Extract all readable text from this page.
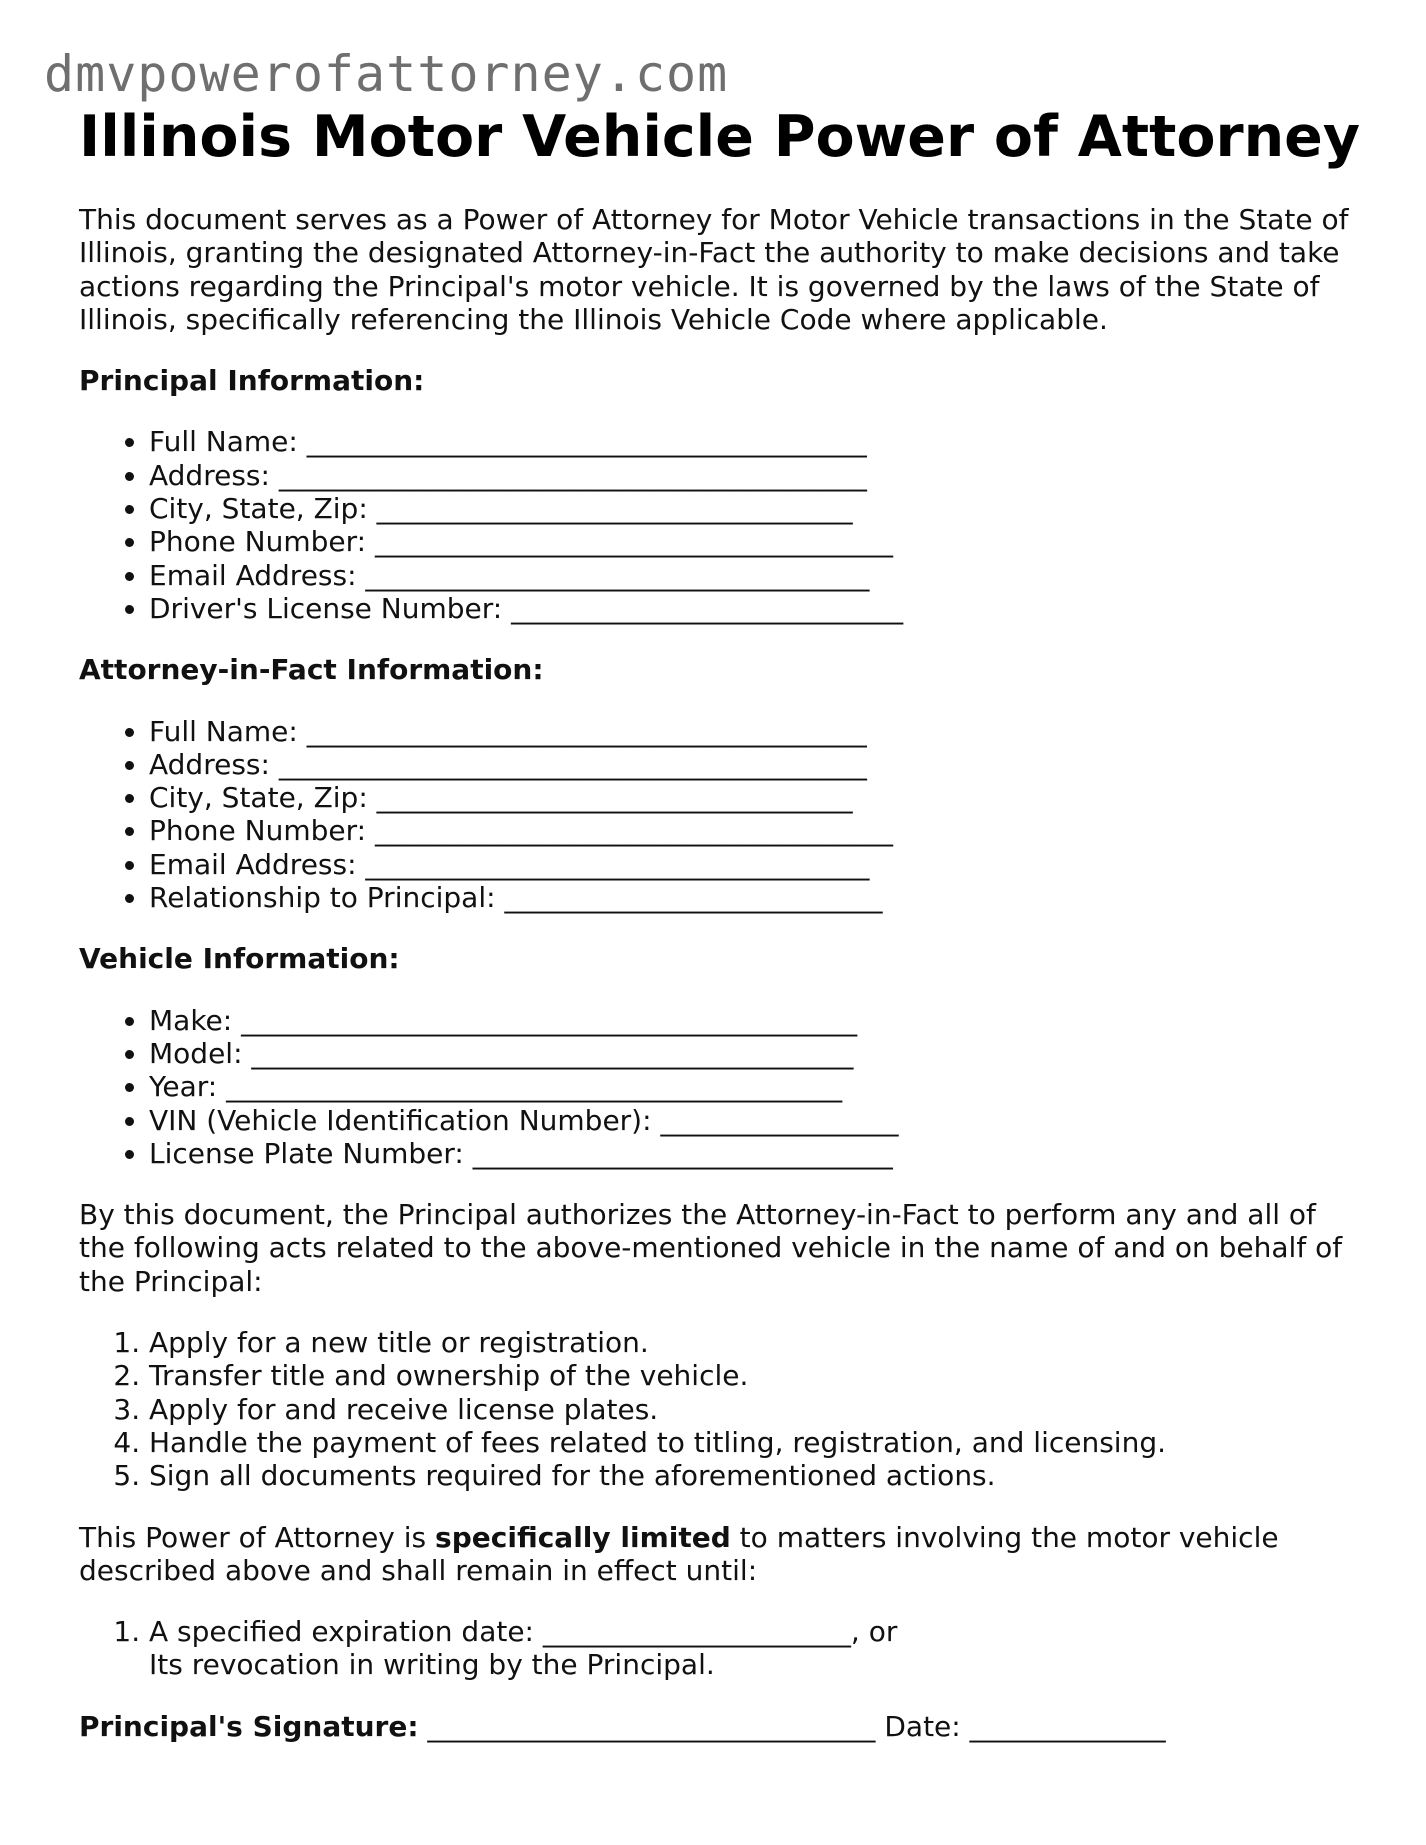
dmvpowerofattorney.com
Illinois Motor Vehicle Power of Attorney

This document serves as a Power of Attorney for Motor Vehicle transactions in the State of Illinois, granting the designated Attorney-in-Fact the authority to make decisions and take actions regarding the Principal's motor vehicle. It is governed by the laws of the State of Illinois, specifically referencing the Illinois Vehicle Code where applicable.

Principal Information:
• Full Name: ________________________________________
• Address: __________________________________________
• City, State, Zip: __________________________________
• Phone Number: _____________________________________
• Email Address: ____________________________________
• Driver's License Number: ____________________________
Attorney-in-Fact Information:
• Full Name: ________________________________________
• Address: __________________________________________
• City, State, Zip: __________________________________
• Phone Number: _____________________________________
• Email Address: ____________________________________
• Relationship to Principal: ___________________________
Vehicle Information:
• Make: ____________________________________________
• Model: ___________________________________________
• Year: ____________________________________________
• VIN (Vehicle Identification Number): _________________
• License Plate Number: ______________________________

By this document, the Principal authorizes the Attorney-in-Fact to perform any and all of the following acts related to the above-mentioned vehicle in the name of and on behalf of the Principal:

1. Apply for a new title or registration.
2. Transfer title and ownership of the vehicle.
3. Apply for and receive license plates.
4. Handle the payment of fees related to titling, registration, and licensing.
5. Sign all documents required for the aforementioned actions.

This Power of Attorney is specifically limited to matters involving the motor vehicle described above and shall remain in effect until:

1. A specified expiration date: ______________________, or
Its revocation in writing by the Principal.
Principal's Signature: ________________________________ Date: ______________
